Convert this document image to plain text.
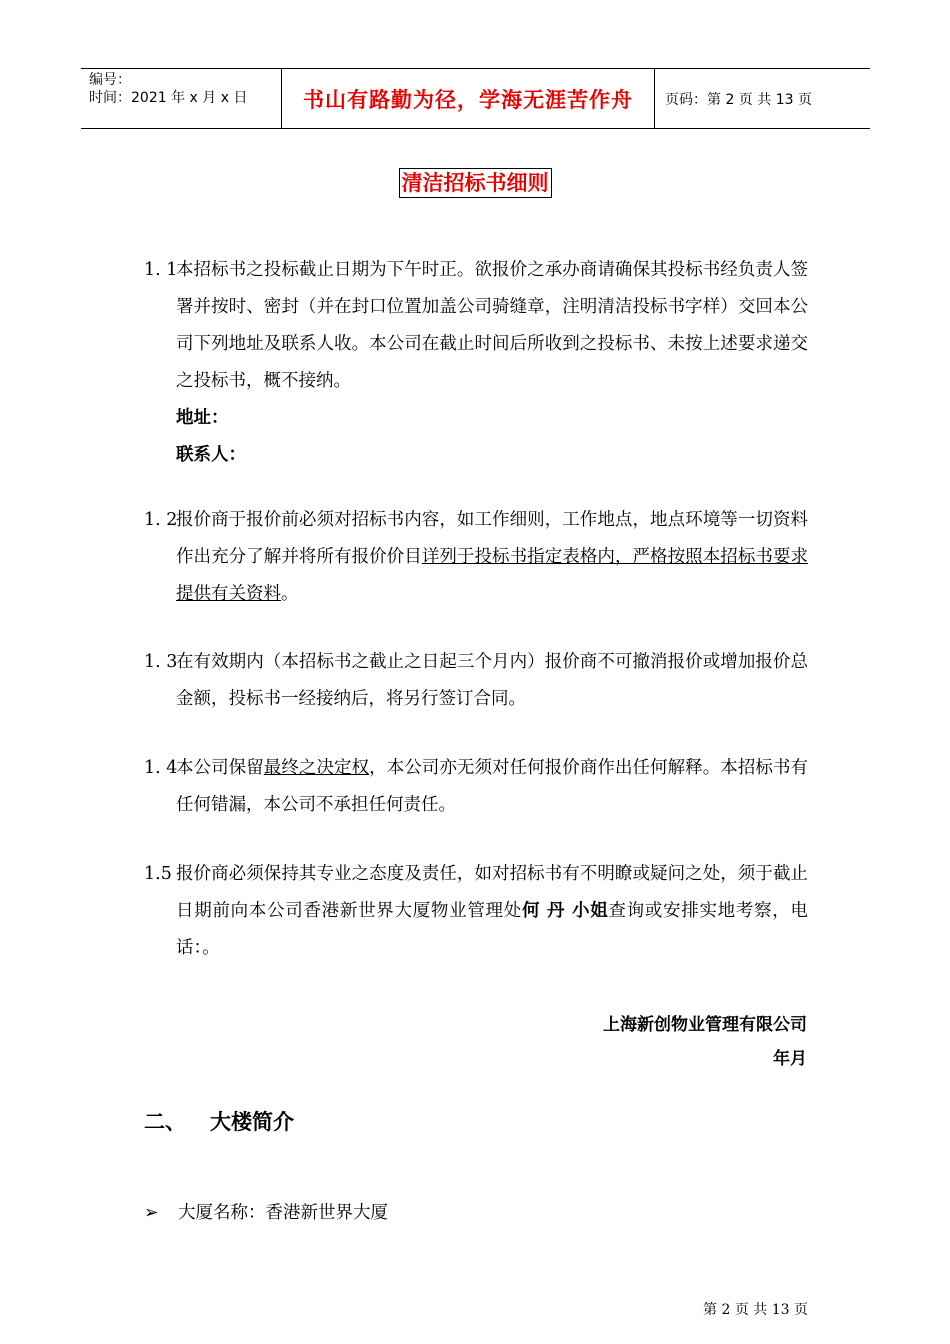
编号：
时间：2021 年 x 月 x 日	书山有路勤为径，学海无涯苦作舟	页码：第 2 页 共 13 页
清洁招标书细则
1. 1
本招标书之投标截止日期为下午时正。欲报价之承办商请确保其投标书经负责人签署并按时、密封（并在封口位置加盖公司骑缝章，注明清洁投标书字样）交回本公司下列地址及联系人收。本公司在截止时间后所收到之投标书、未按上述要求递交之投标书，概不接纳。
地址：
联系人：
1. 2
报价商于报价前必须对招标书内容，如工作细则，工作地点，地点环境等一切资料作出充分了解并将所有报价价目详列于投标书指定表格内，严格按照本招标书要求提供有关资料。
1. 3
在有效期内（本招标书之截止之日起三个月内）报价商不可撤消报价或增加报价总金额，投标书一经接纳后，将另行签订合同。
1. 4
本公司保留最终之决定权，本公司亦无须对任何报价商作出任何解释。本招标书有任何错漏，本公司不承担任何责任。
1.5 报价商必须保持其专业之态度及责任，如对招标书有不明瞭或疑问之处，须于截止日期前向本公司香港新世界大厦物业管理处何 丹 小姐查询或安排实地考察，电话：。
上海新创物业管理有限公司
年月
二、 大楼简介
➢ 大厦名称：香港新世界大厦
第 2 页 共 13 页
